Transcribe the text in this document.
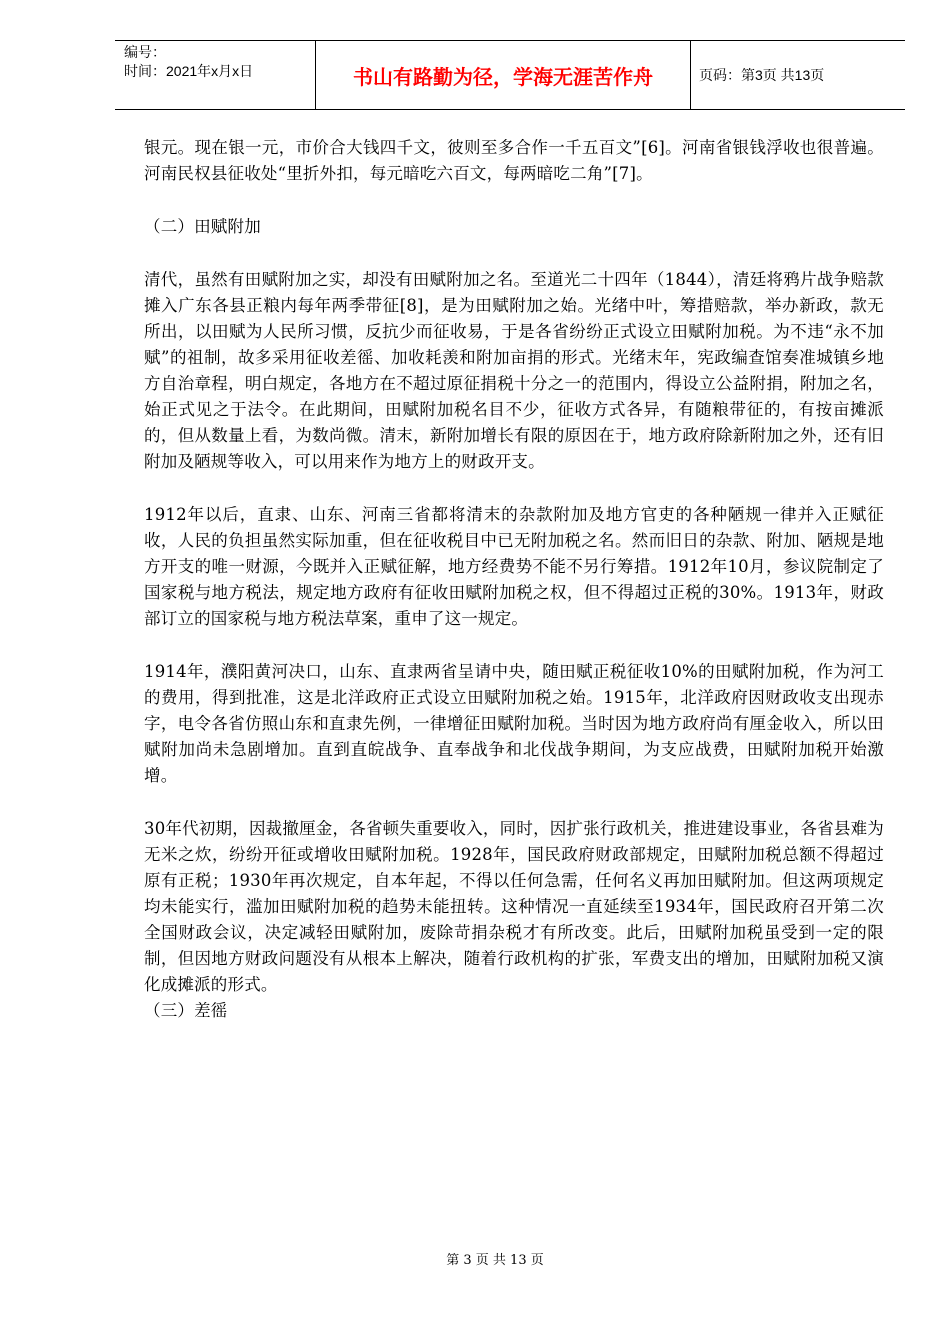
编号：
时间：2021年x月x日	书山有路勤为径，学海无涯苦作舟	页码：第3页 共13页

银元。现在银一元，市价合大钱四千文，彼则至多合作一千五百文”[6]。河南省银钱浮收也很普遍。河南民权县征收处“里折外扣，每元暗吃六百文，每两暗吃二角”[7]。

（二）田赋附加

清代，虽然有田赋附加之实，却没有田赋附加之名。至道光二十四年（1844），清廷将鸦片战争赔款摊入广东各县正粮内每年两季带征[8]，是为田赋附加之始。光绪中叶，筹措赔款，举办新政，款无所出，以田赋为人民所习惯，反抗少而征收易，于是各省纷纷正式设立田赋附加税。为不违“永不加赋”的祖制，故多采用征收差徭、加收耗羡和附加亩捐的形式。光绪末年，宪政编查馆奏准城镇乡地方自治章程，明白规定，各地方在不超过原征捐税十分之一的范围内，得设立公益附捐，附加之名，始正式见之于法令。在此期间，田赋附加税名目不少，征收方式各异，有随粮带征的，有按亩摊派的，但从数量上看，为数尚微。清末，新附加增长有限的原因在于，地方政府除新附加之外，还有旧附加及陋规等收入，可以用来作为地方上的财政开支。

1912年以后，直隶、山东、河南三省都将清末的杂款附加及地方官吏的各种陋规一律并入正赋征收，人民的负担虽然实际加重，但在征收税目中已无附加税之名。然而旧日的杂款、附加、陋规是地方开支的唯一财源，今既并入正赋征解，地方经费势不能不另行筹措。1912年10月，参议院制定了国家税与地方税法，规定地方政府有征收田赋附加税之权，但不得超过正税的30%。1913年，财政部订立的国家税与地方税法草案，重申了这一规定。

1914年，濮阳黄河决口，山东、直隶两省呈请中央，随田赋正税征收10%的田赋附加税，作为河工的费用，得到批准，这是北洋政府正式设立田赋附加税之始。1915年，北洋政府因财政收支出现赤字，电令各省仿照山东和直隶先例，一律增征田赋附加税。当时因为地方政府尚有厘金收入，所以田赋附加尚未急剧增加。直到直皖战争、直奉战争和北伐战争期间，为支应战费，田赋附加税开始激增。

30年代初期，因裁撤厘金，各省顿失重要收入，同时，因扩张行政机关，推进建设事业，各省县难为无米之炊，纷纷开征或增收田赋附加税。1928年，国民政府财政部规定，田赋附加税总额不得超过原有正税；1930年再次规定，自本年起，不得以任何急需，任何名义再加田赋附加。但这两项规定均未能实行，滥加田赋附加税的趋势未能扭转。这种情况一直延续至1934年，国民政府召开第二次全国财政会议，决定减轻田赋附加，废除苛捐杂税才有所改变。此后，田赋附加税虽受到一定的限制，但因地方财政问题没有从根本上解决，随着行政机构的扩张，军费支出的增加，田赋附加税又演化成摊派的形式。

（三）差徭

第 3 页 共 13 页
